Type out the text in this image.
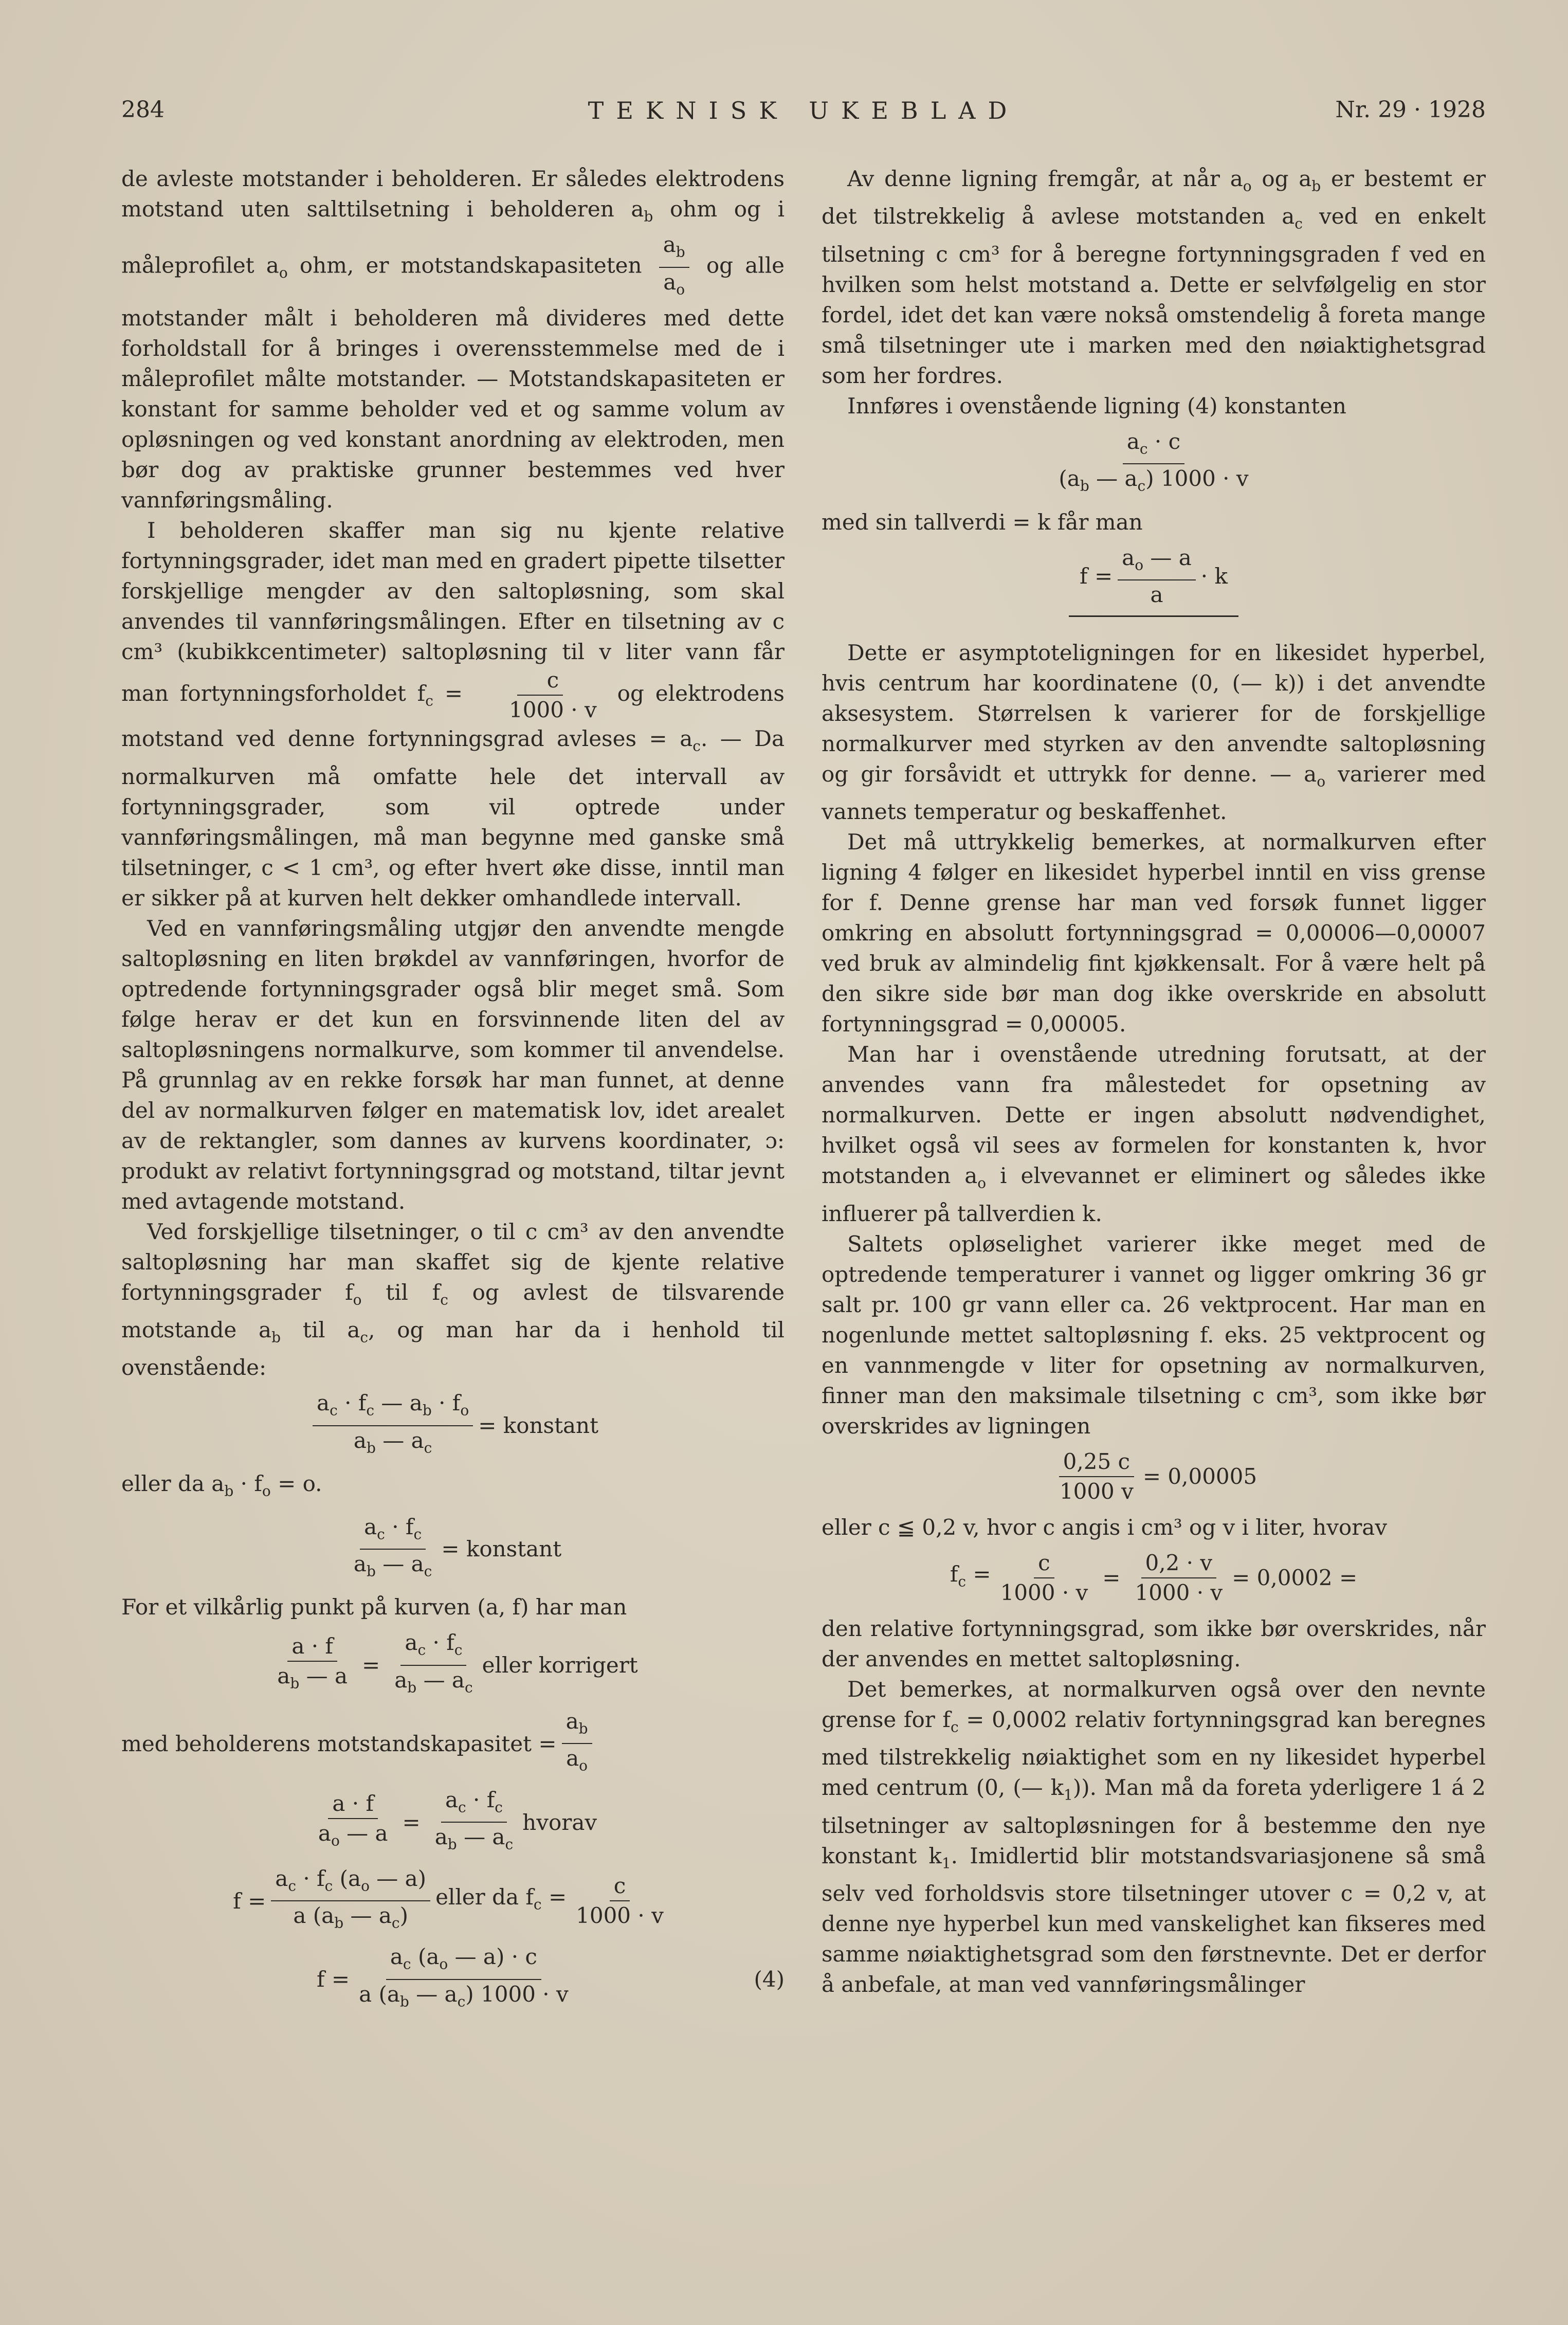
284	TEKNISK UKEBLAD	Nr. 29 · 1928

de avleste motstander i beholderen. Er således elektrodens motstand uten salttilsetning i beholderen $a_b$ ohm og i måleprofilet $a_o$ ohm, er motstandskapasiteten $\frac{a_b}{a_o}$ og alle motstander målt i beholderen må divideres med dette forholdstall for å bringes i overensstemmelse med de i måleprofilet målte motstander. — Motstandskapasiteten er konstant for samme beholder ved et og samme volum av opløsningen og ved konstant anordning av elektroden, men bør dog av praktiske grunner bestemmes ved hver vannføringsmåling.

I beholderen skaffer man sig nu kjente relative fortynningsgrader, idet man med en gradert pipette tilsetter forskjellige mengder av den saltopløsning, som skal anvendes til vannføringsmålingen. Efter en tilsetning av c cm³ (kubikkcentimeter) saltopløsning til v liter vann får man fortynningsforholdet $f_c = \frac{c}{1000 \cdot v}$ og elektrodens motstand ved denne fortynningsgrad avleses = $a_c$. — Da normalkurven må omfatte hele det intervall av fortynningsgrader, som vil optrede under vannføringsmålingen, må man begynne med ganske små tilsetninger, c < 1 cm³, og efter hvert øke disse, inntil man er sikker på at kurven helt dekker omhandlede intervall.

Ved en vannføringsmåling utgjør den anvendte mengde saltopløsning en liten brøkdel av vannføringen, hvorfor de optredende fortynningsgrader også blir meget små. Som følge herav er det kun en forsvinnende liten del av saltopløsningens normalkurve, som kommer til anvendelse. På grunnlag av en rekke forsøk har man funnet, at denne del av normalkurven følger en matematisk lov, idet arealet av de rektangler, som dannes av kurvens koordinater, ɔ: produkt av relativt fortynningsgrad og motstand, tiltar jevnt med avtagende motstand.

Ved forskjellige tilsetninger, o til c cm³ av den anvendte saltopløsning har man skaffet sig de kjente relative fortynningsgrader $f_o$ til $f_c$ og avlest de tilsvarende motstande $a_b$ til $a_c$, og man har da i henhold til ovenstående:

$\frac{a_c \cdot f_c — a_b \cdot f_o}{a_b — a_c}$ = konstant

eller da $a_b \cdot f_o = o$.

$\frac{a_c \cdot f_c}{a_b — a_c}$ = konstant

For et vilkårlig punkt på kurven (a, f) har man

$\frac{a \cdot f}{a_b — a} = \frac{a_c \cdot f_c}{a_b — a_c}$ eller korrigert
med beholderens motstandskapasitet = $\frac{a_b}{a_o}$
$\frac{a \cdot f}{a_o — a} = \frac{a_c \cdot f_c}{a_b — a_c}$ hvorav
$f = \frac{a_c \cdot f_c (a_o — a)}{a (a_b — a_c)}$ eller da $f_c = \frac{c}{1000 \cdot v}$
$f = \frac{a_c (a_o — a) \cdot c}{a (a_b — a_c) 1000 \cdot v}$	(4)

Av denne ligning fremgår, at når $a_o$ og $a_b$ er bestemt er det tilstrekkelig å avlese motstanden $a_c$ ved en enkelt tilsetning c cm³ for å beregne fortynningsgraden f ved en hvilken som helst motstand a. Dette er selvfølgelig en stor fordel, idet det kan være nokså omstendelig å foreta mange små tilsetninger ute i marken med den nøiaktighetsgrad som her fordres.

Innføres i ovenstående ligning (4) konstanten

$\frac{a_c \cdot c}{(a_b — a_c) 1000 \cdot v}$

med sin tallverdi = k får man

$f = \frac{a_o — a}{a} \cdot k$

Dette er asymptoteligningen for en likesidet hyperbel, hvis centrum har koordinatene (0, (— k)) i det anvendte aksesystem. Størrelsen k varierer for de forskjellige normalkurver med styrken av den anvendte saltopløsning og gir forsåvidt et uttrykk for denne. — $a_o$ varierer med vannets temperatur og beskaffenhet.

Det må uttrykkelig bemerkes, at normalkurven efter ligning 4 følger en likesidet hyperbel inntil en viss grense for f. Denne grense har man ved forsøk funnet ligger omkring en absolutt fortynningsgrad = 0,00006—0,00007 ved bruk av almindelig fint kjøkkensalt. For å være helt på den sikre side bør man dog ikke overskride en absolutt fortynningsgrad = 0,00005.

Man har i ovenstående utredning forutsatt, at der anvendes vann fra målestedet for opsetning av normalkurven. Dette er ingen absolutt nødvendighet, hvilket også vil sees av formelen for konstanten k, hvor motstanden $a_o$ i elvevannet er eliminert og således ikke influerer på tallverdien k.

Saltets opløselighet varierer ikke meget med de optredende temperaturer i vannet og ligger omkring 36 gr salt pr. 100 gr vann eller ca. 26 vektprocent. Har man en nogenlunde mettet saltopløsning f. eks. 25 vektprocent og en vannmengde v liter for opsetning av normalkurven, finner man den maksimale tilsetning c cm³, som ikke bør overskrides av ligningen

$\frac{0,25 c}{1000 v} = 0,00005$

eller c ≦ 0,2 v, hvor c angis i cm³ og v i liter, hvorav

$f_c = \frac{c}{1000 \cdot v} = \frac{0,2 \cdot v}{1000 \cdot v} = 0,0002$ =

den relative fortynningsgrad, som ikke bør overskrides, når der anvendes en mettet saltopløsning.

Det bemerkes, at normalkurven også over den nevnte grense for $f_c = 0,0002$ relativ fortynningsgrad kan beregnes med tilstrekkelig nøiaktighet som en ny likesidet hyperbel med centrum (0, (— $k_1$)). Man må da foreta yderligere 1 á 2 tilsetninger av saltopløsningen for å bestemme den nye konstant $k_1$. Imidlertid blir motstandsvariasjonene så små selv ved forholdsvis store tilsetninger utover c = 0,2 v, at denne nye hyperbel kun med vanskelighet kan fikseres med samme nøiaktighetsgrad som den førstnevnte. Det er derfor å anbefale, at man ved vannføringsmålinger
